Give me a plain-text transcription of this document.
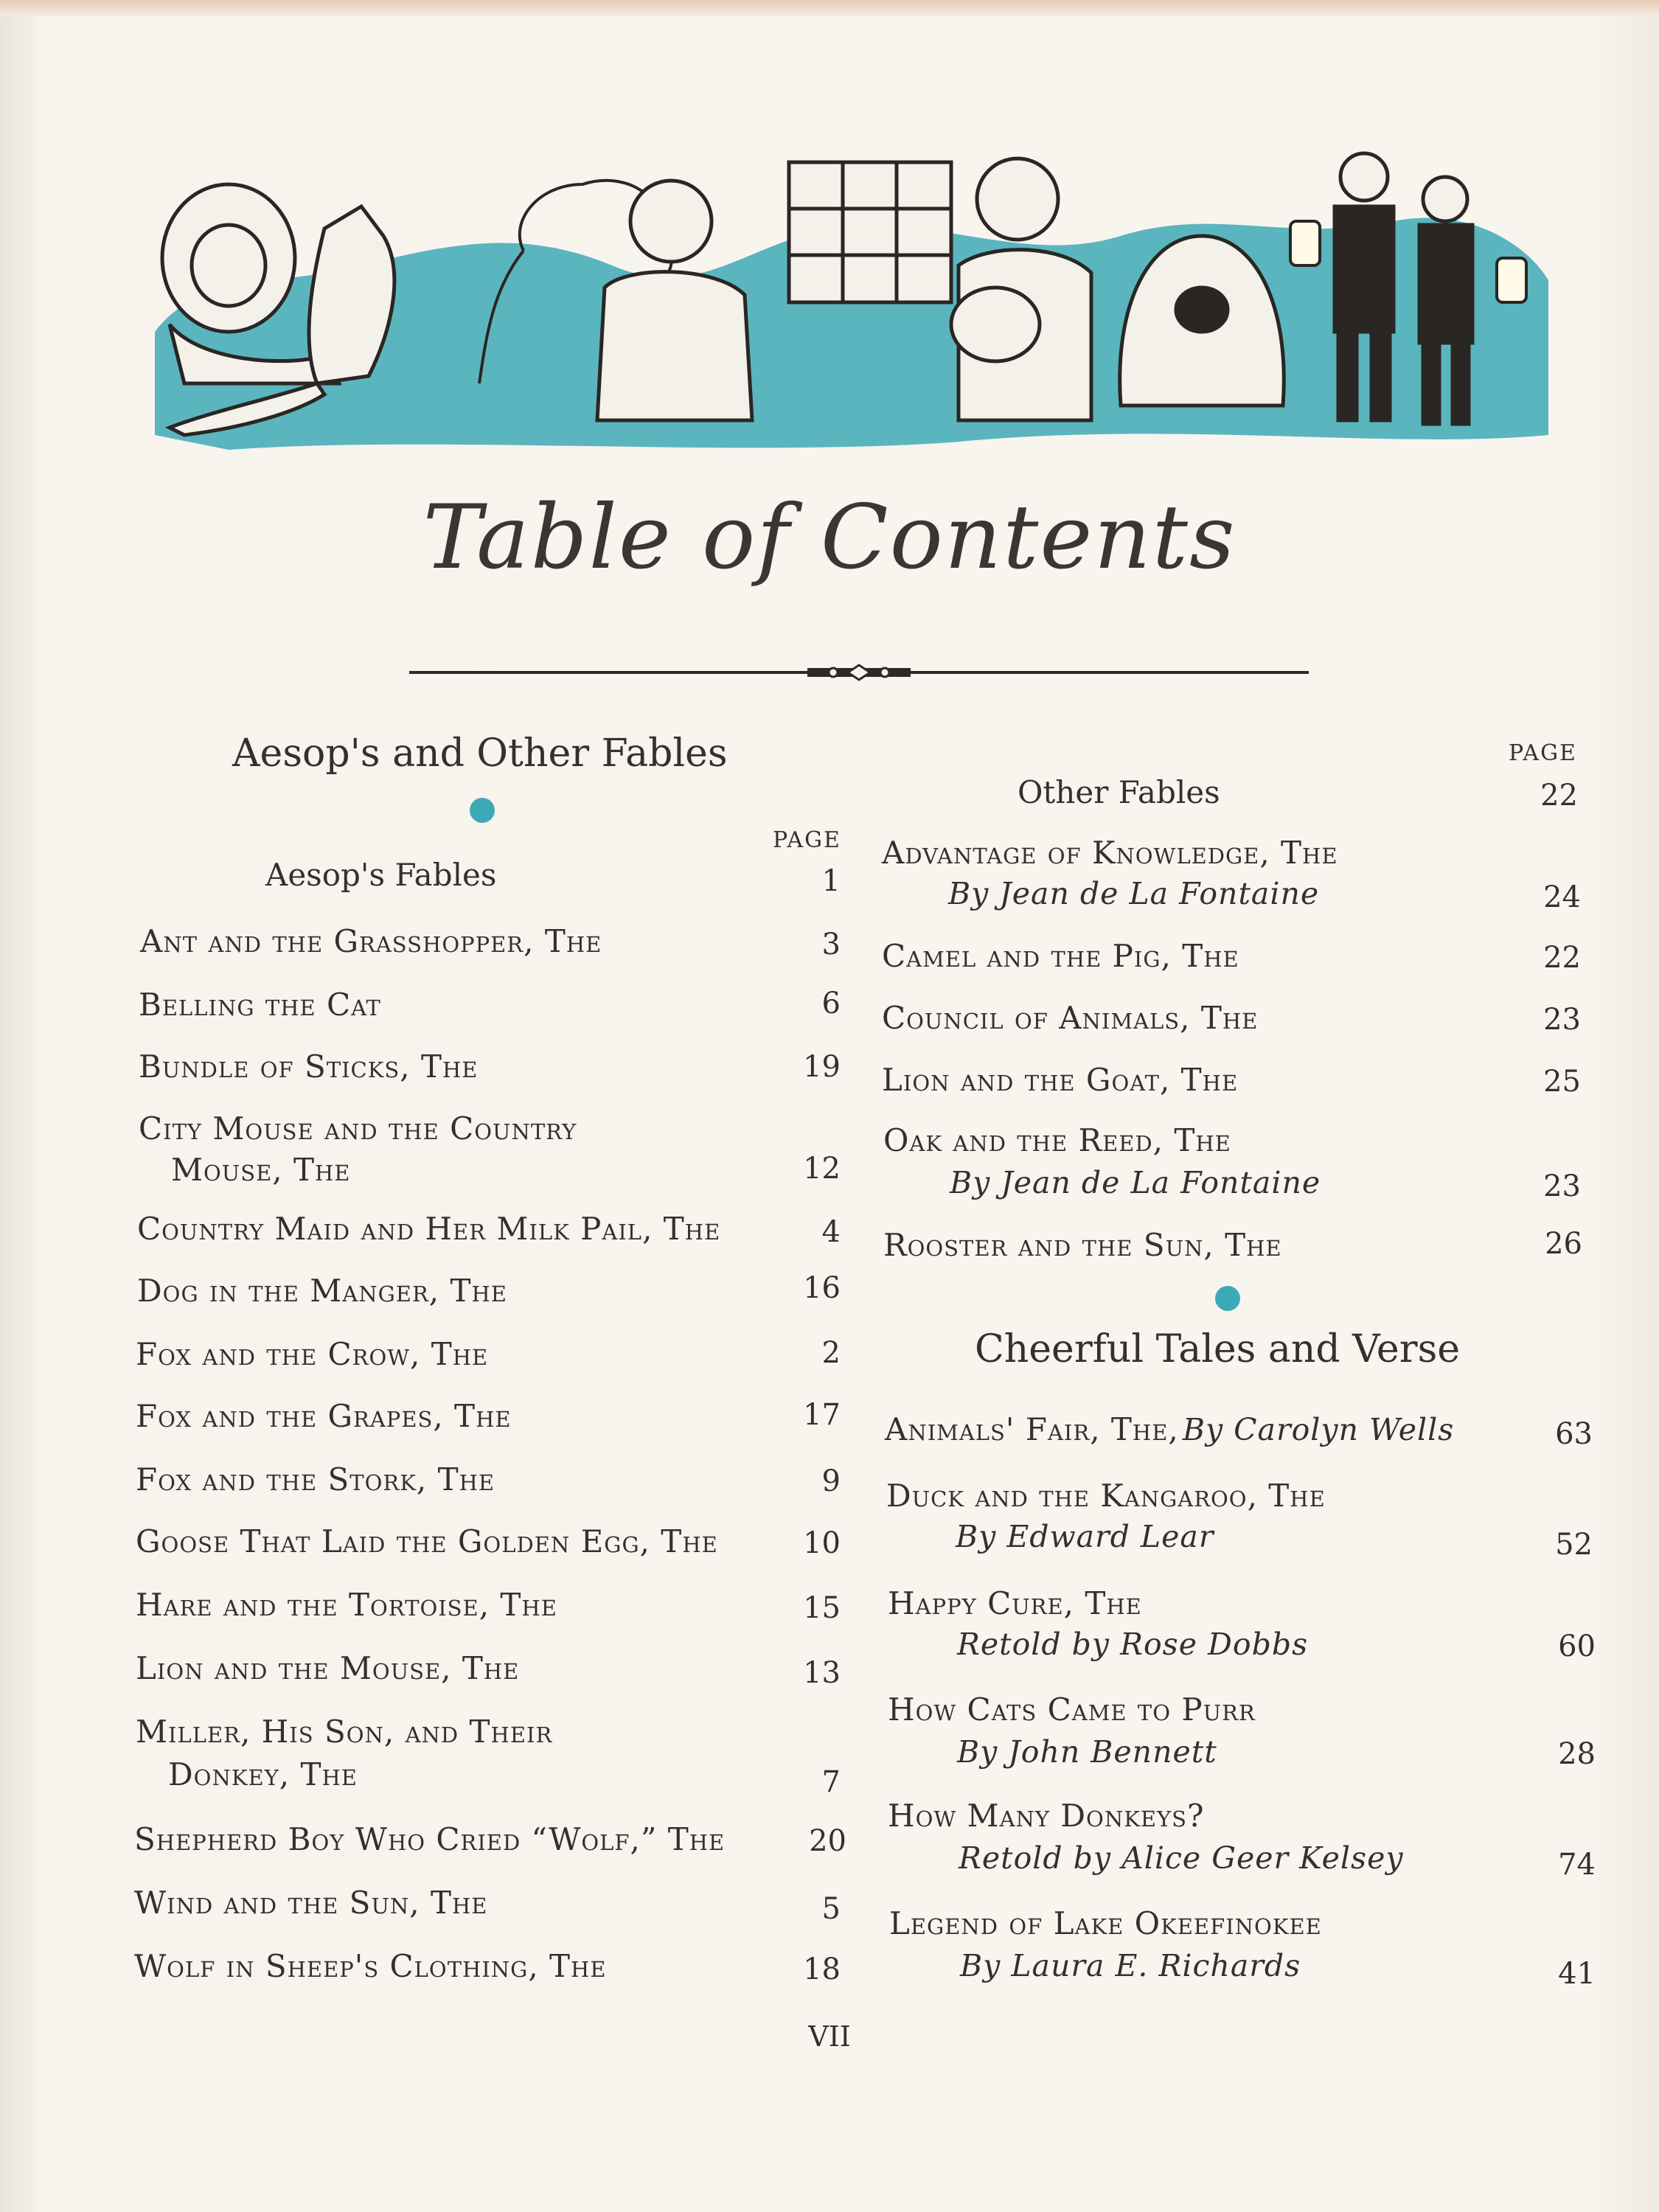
Table of Contents
Aesop's and Other Fables
PAGE
Aesop's Fables	1
Ant and the Grasshopper, The	3
Belling the Cat	6
Bundle of Sticks, The	19
City Mouse and the Country
Mouse, The	12
Country Maid and Her Milk Pail, The	4
Dog in the Manger, The	16
Fox and the Crow, The	2
Fox and the Grapes, The	17
Fox and the Stork, The	9
Goose That Laid the Golden Egg, The	10
Hare and the Tortoise, The	15
Lion and the Mouse, The	13
Miller, His Son, and Their
Donkey, The	7
Shepherd Boy Who Cried “Wolf,” The	20
Wind and the Sun, The	5
Wolf in Sheep's Clothing, The	18
PAGE
Other Fables	22
Advantage of Knowledge, The
By Jean de La Fontaine	24
Camel and the Pig, The	22
Council of Animals, The	23
Lion and the Goat, The	25
Oak and the Reed, The
By Jean de La Fontaine	23
Rooster and the Sun, The	26
Cheerful Tales and Verse
Animals' Fair, The, By Carolyn Wells	63
Duck and the Kangaroo, The
By Edward Lear	52
Happy Cure, The
Retold by Rose Dobbs	60
How Cats Came to Purr
By John Bennett	28
How Many Donkeys?
Retold by Alice Geer Kelsey	74
Legend of Lake Okeefinokee
By Laura E. Richards	41
VII
